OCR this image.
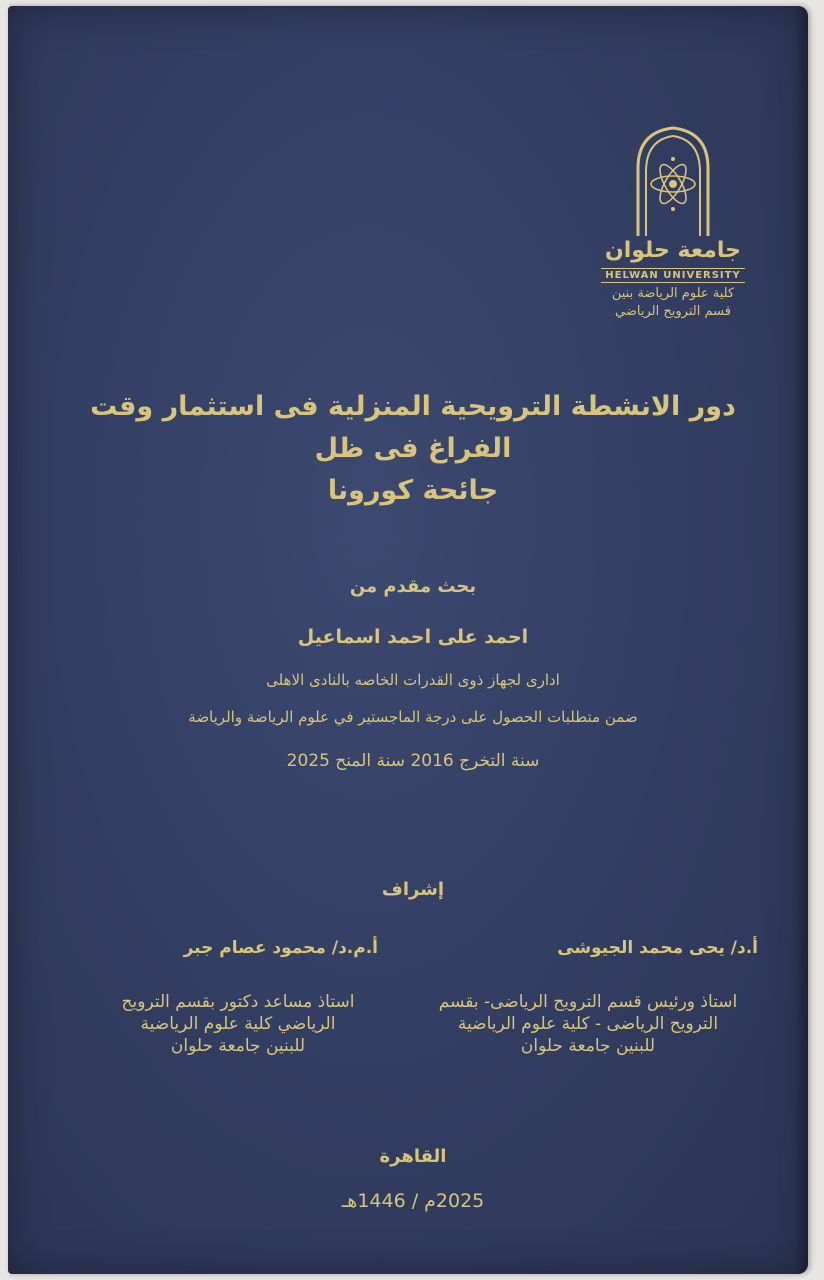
جامعة حلوان
HELWAN UNIVERSITY
كلية علوم الرياضة بنين
قسم الترويح الرياضي
دور الانشطة الترويحية المنزلية فى استثمار وقت الفراغ فى ظل
جائحة كورونا
بحث مقدم من
احمد على احمد اسماعيل
ادارى لجهاز ذوى القدرات الخاصه بالنادى الاهلى
ضمن متطلبات الحصول على درجة الماجستير في علوم الرياضة والرياضة
سنة التخرج 2016 سنة المنح 2025
إشراف
أ.د/ يحى محمد الجيوشى
استاذ ورئيس قسم الترويح الرياضى- بقسم
الترويح الرياضى - كلية علوم الرياضية
للبنين جامعة حلوان
أ.م.د/ محمود عصام جبر
استاذ مساعد دكتور بقسم الترويح
الرياضي كلية علوم الرياضية
للبنين جامعة حلوان
القاهرة
2025م / 1446هـ
